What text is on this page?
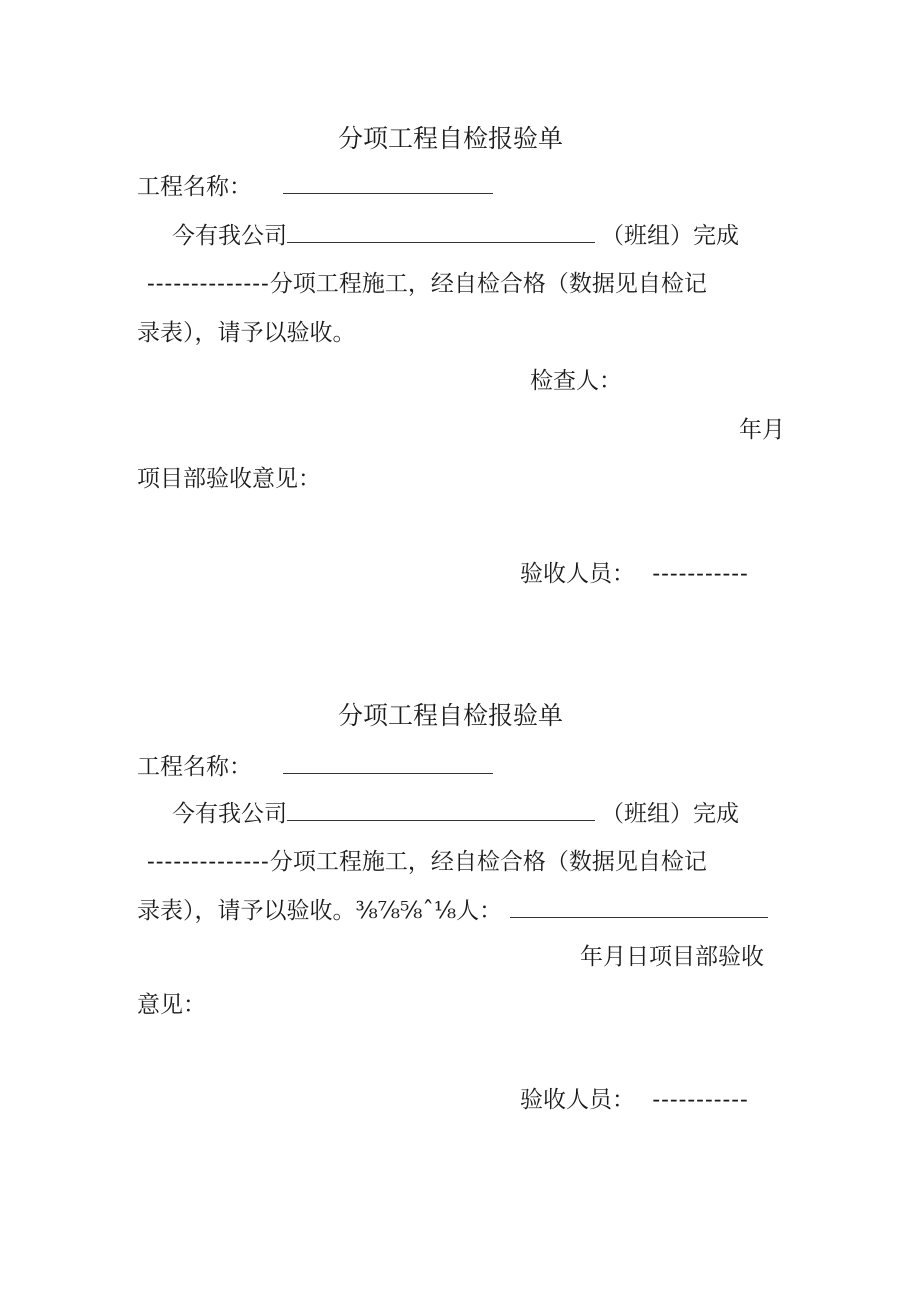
分项工程自检报验单
工程名称：
今有我公司	（班组）完成
--------------分项工程施工，经自检合格（数据见自检记
录表），请予以验收。
检查人：
年月
项目部验收意见：
验收人员： -----------
分项工程自检报验单
工程名称：
今有我公司	（班组）完成
--------------分项工程施工，经自检合格（数据见自检记
录表），请予以验收。⅜⅞⅝ˆ⅛人：
年月日项目部验收
意见：
验收人员： -----------
